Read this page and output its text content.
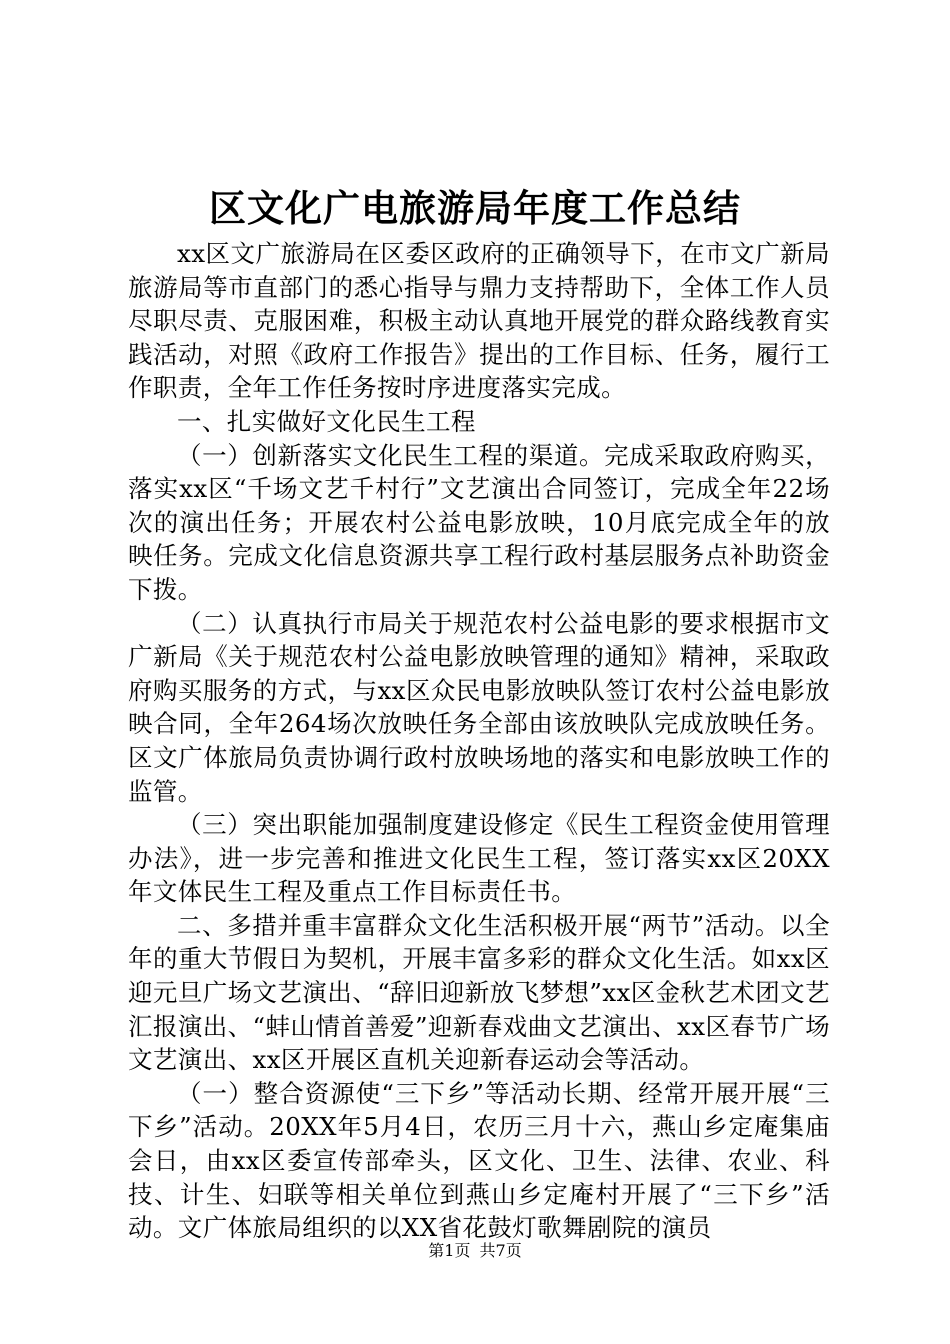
区文化广电旅游局年度工作总结

xx区文广旅游局在区委区政府的正确领导下，在市文广新局旅游局等市直部门的悉心指导与鼎力支持帮助下，全体工作人员尽职尽责、克服困难，积极主动认真地开展党的群众路线教育实践活动，对照《政府工作报告》提出的工作目标、任务，履行工作职责，全年工作任务按时序进度落实完成。

一、扎实做好文化民生工程

（一）创新落实文化民生工程的渠道。完成采取政府购买，落实xx区“千场文艺千村行”文艺演出合同签订，完成全年22场次的演出任务；开展农村公益电影放映，10月底完成全年的放映任务。完成文化信息资源共享工程行政村基层服务点补助资金下拨。

（二）认真执行市局关于规范农村公益电影的要求根据市文广新局《关于规范农村公益电影放映管理的通知》精神，采取政府购买服务的方式，与xx区众民电影放映队签订农村公益电影放映合同，全年264场次放映任务全部由该放映队完成放映任务。区文广体旅局负责协调行政村放映场地的落实和电影放映工作的监管。

（三）突出职能加强制度建设修定《民生工程资金使用管理办法》，进一步完善和推进文化民生工程，签订落实xx区20XX年文体民生工程及重点工作目标责任书。

二、多措并重丰富群众文化生活积极开展“两节”活动。以全年的重大节假日为契机，开展丰富多彩的群众文化生活。如xx区迎元旦广场文艺演出、“辞旧迎新放飞梦想”xx区金秋艺术团文艺汇报演出、“蚌山情首善爱”迎新春戏曲文艺演出、xx区春节广场文艺演出、xx区开展区直机关迎新春运动会等活动。

（一）整合资源使“三下乡”等活动长期、经常开展开展“三下乡”活动。20XX年5月4日，农历三月十六，燕山乡定庵集庙会日，由xx区委宣传部牵头，区文化、卫生、法律、农业、科技、计生、妇联等相关单位到燕山乡定庵村开展了“三下乡”活动。文广体旅局组织的以XX省花鼓灯歌舞剧院的演员

第1页 共7页
